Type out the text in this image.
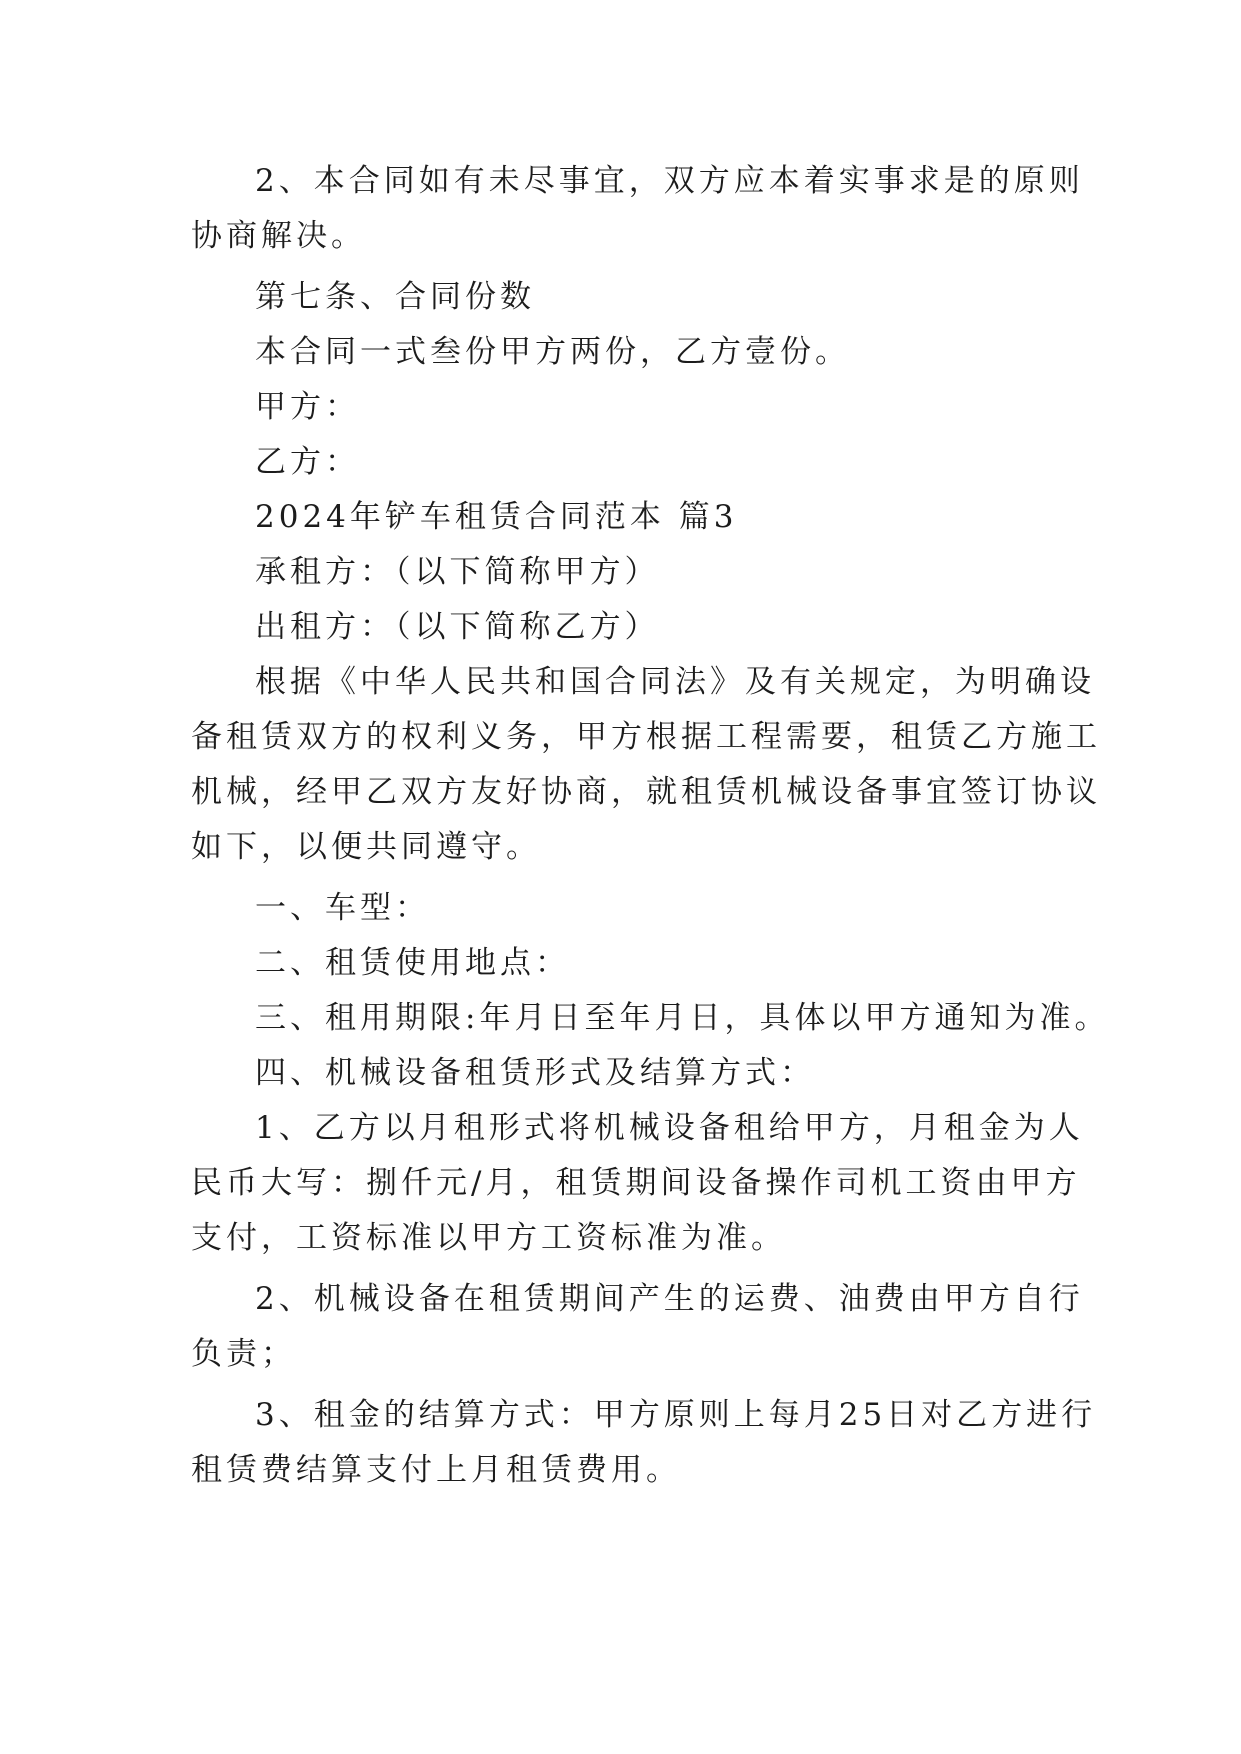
2、本合同如有未尽事宜，双方应本着实事求是的原则
协商解决。
第七条、合同份数
本合同一式叁份甲方两份，乙方壹份。
甲方：
乙方：
2024年铲车租赁合同范本 篇3
承租方：（以下简称甲方）
出租方：（以下简称乙方）
根据《中华人民共和国合同法》及有关规定，为明确设
备租赁双方的权利义务，甲方根据工程需要，租赁乙方施工
机械，经甲乙双方友好协商，就租赁机械设备事宜签订协议
如下，以便共同遵守。
一、车型：
二、租赁使用地点：
三、租用期限:年月日至年月日，具体以甲方通知为准。
四、机械设备租赁形式及结算方式：
1、乙方以月租形式将机械设备租给甲方，月租金为人
民币大写：捌仟元/月，租赁期间设备操作司机工资由甲方
支付，工资标准以甲方工资标准为准。
2、机械设备在租赁期间产生的运费、油费由甲方自行
负责；
3、租金的结算方式：甲方原则上每月25日对乙方进行
租赁费结算支付上月租赁费用。
